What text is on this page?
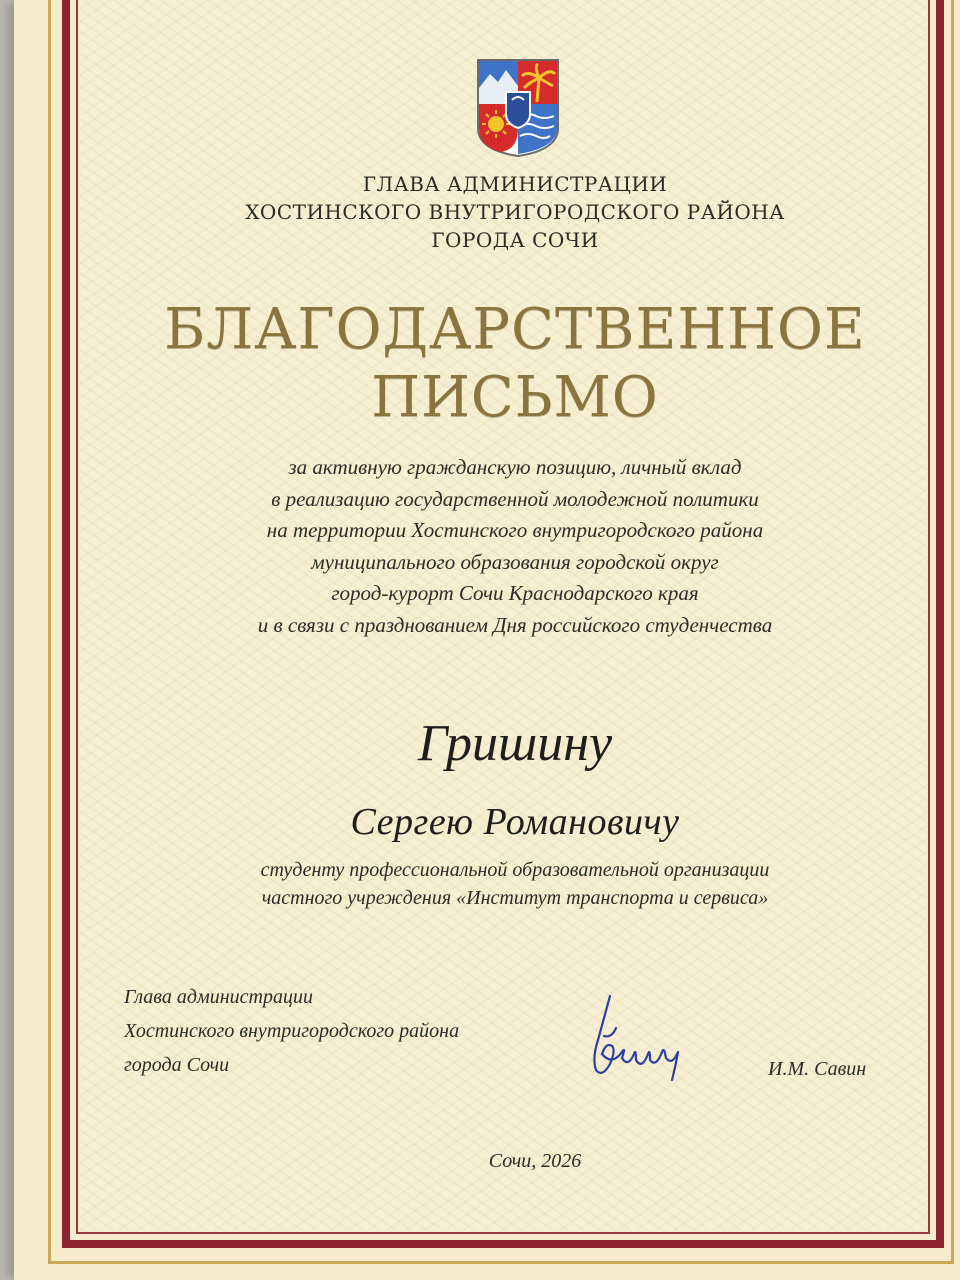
ГЛАВА АДМИНИСТРАЦИИ
ХОСТИНСКОГО ВНУТРИГОРОДСКОГО РАЙОНА
ГОРОДА СОЧИ
БЛАГОДАРСТВЕННОЕ
ПИСЬМО
за активную гражданскую позицию, личный вклад
в реализацию государственной молодежной политики
на территории Хостинского внутригородского района
муниципального образования городской округ
город-курорт Сочи Краснодарского края
и в связи с празднованием Дня российского студенчества
Гришину
Сергею Романовичу
студенту профессиональной образовательной организации
частного учреждения «Институт транспорта и сервиса»
Глава администрации
Хостинского внутригородского района
города Сочи	И.М. Савин
Сочи, 2026
